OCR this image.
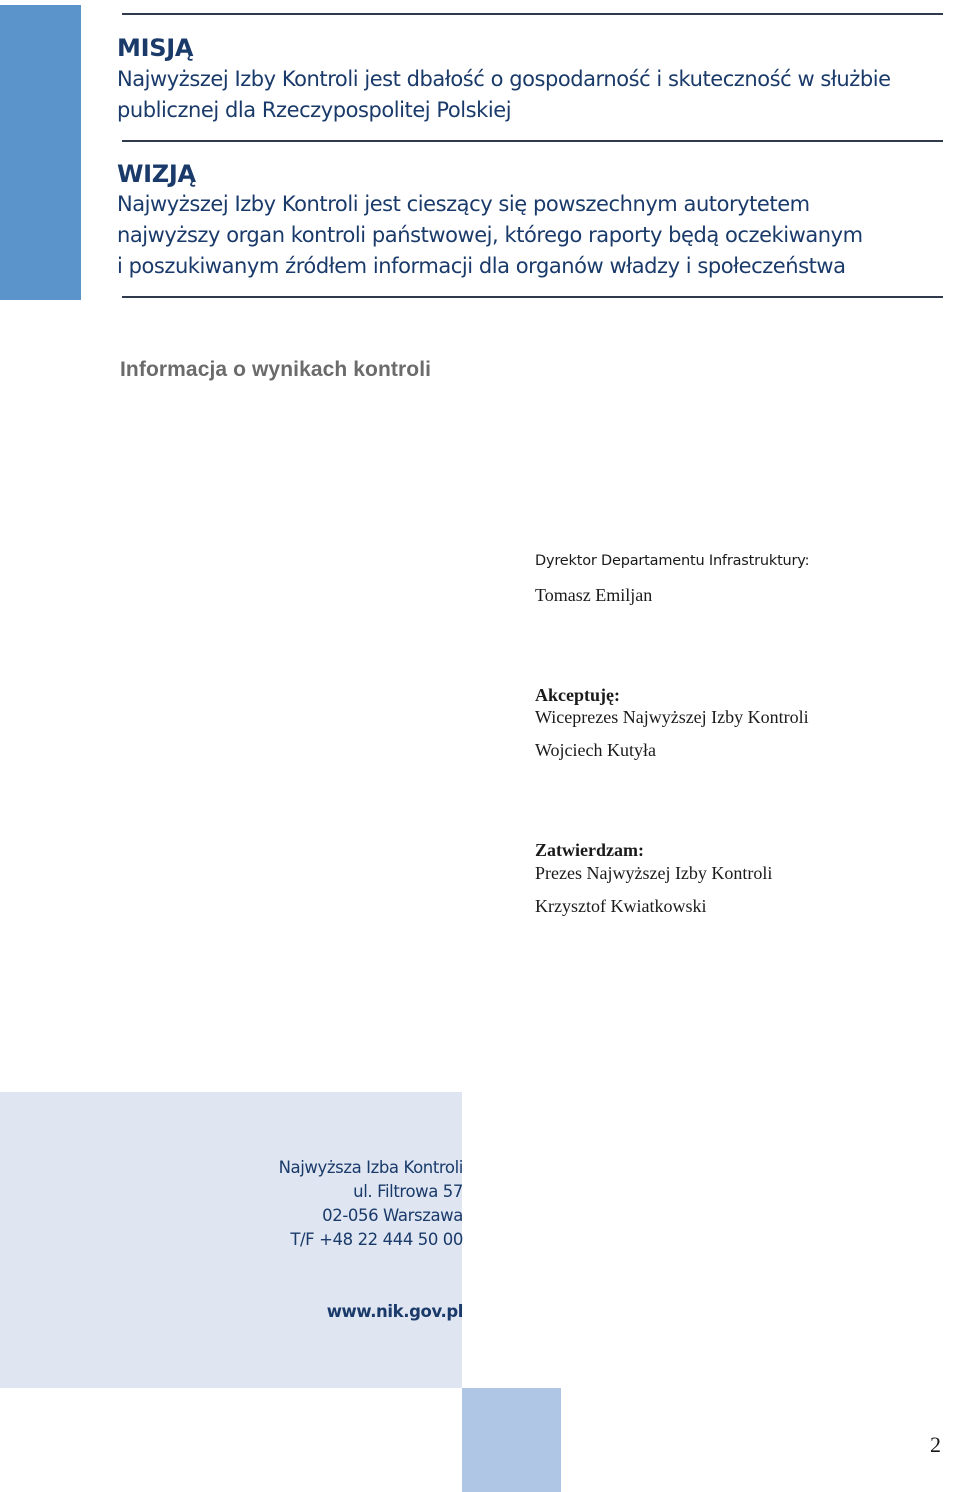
MISJĄ
Najwyższej Izby Kontroli jest dbałość o gospodarność i skuteczność w służbie
publicznej dla Rzeczypospolitej Polskiej
WIZJĄ
Najwyższej Izby Kontroli jest cieszący się powszechnym autorytetem
najwyższy organ kontroli państwowej, którego raporty będą oczekiwanym
i poszukiwanym źródłem informacji dla organów władzy i społeczeństwa
Informacja o wynikach kontroli
Dyrektor Departamentu Infrastruktury:
Tomasz Emiljan
Akceptuję:
Wiceprezes Najwyższej Izby Kontroli
Wojciech Kutyła
Zatwierdzam:
Prezes Najwyższej Izby Kontroli
Krzysztof Kwiatkowski
Najwyższa Izba Kontroli
ul. Filtrowa 57
02-056 Warszawa
T/F +48 22 444 50 00
www.nik.gov.pl
2
